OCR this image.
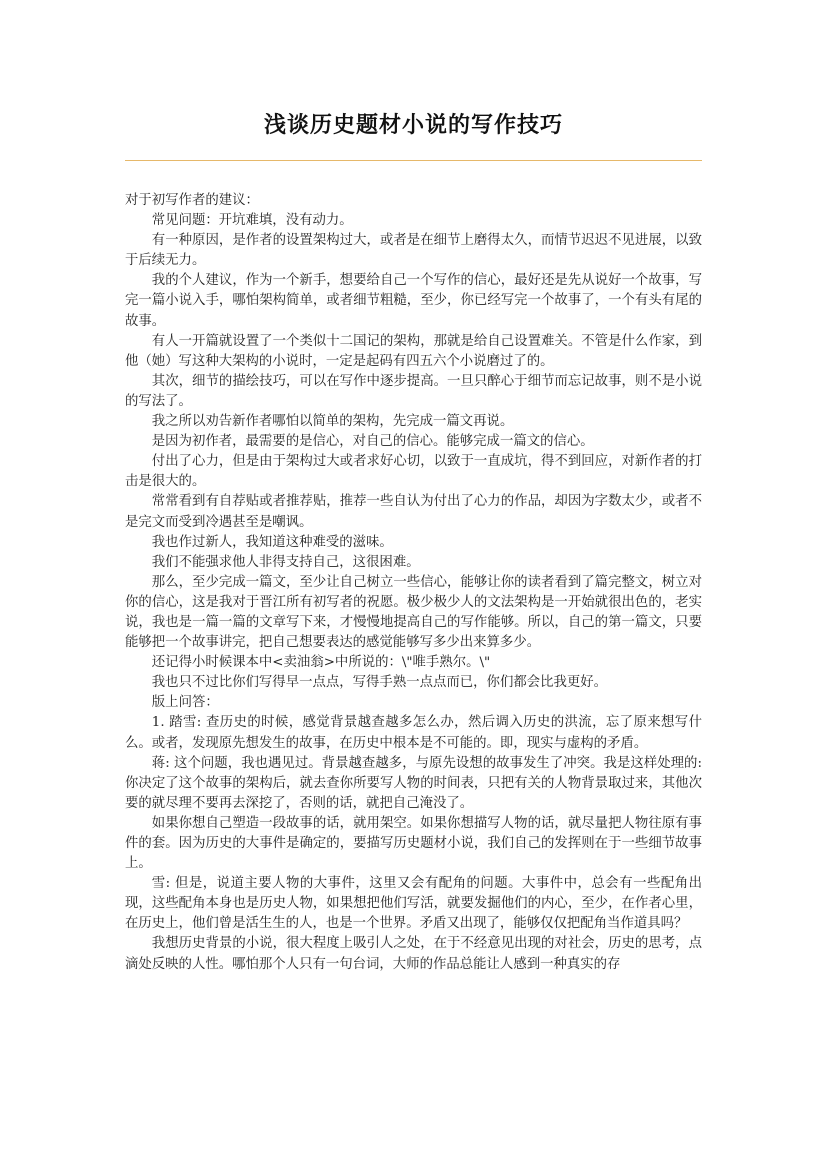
浅谈历史题材小说的写作技巧

对于初写作者的建议：

常见问题：开坑难填，没有动力。

有一种原因，是作者的设置架构过大，或者是在细节上磨得太久，而情节迟迟不见进展，以致于后续无力。

我的个人建议，作为一个新手，想要给自己一个写作的信心，最好还是先从说好一个故事，写完一篇小说入手，哪怕架构简单，或者细节粗糙，至少，你已经写完一个故事了，一个有头有尾的故事。

有人一开篇就设置了一个类似十二国记的架构，那就是给自己设置难关。不管是什么作家，到他（她）写这种大架构的小说时，一定是起码有四五六个小说磨过了的。

其次，细节的描绘技巧，可以在写作中逐步提高。一旦只醉心于细节而忘记故事，则不是小说的写法了。

我之所以劝告新作者哪怕以简单的架构，先完成一篇文再说。

是因为初作者，最需要的是信心，对自己的信心。能够完成一篇文的信心。

付出了心力，但是由于架构过大或者求好心切，以致于一直成坑，得不到回应，对新作者的打击是很大的。

常常看到有自荐贴或者推荐贴，推荐一些自认为付出了心力的作品，却因为字数太少，或者不是完文而受到冷遇甚至是嘲讽。

我也作过新人，我知道这种难受的滋味。

我们不能强求他人非得支持自己，这很困难。

那么，至少完成一篇文，至少让自己树立一些信心，能够让你的读者看到了篇完整文，树立对你的信心，这是我对于晋江所有初写者的祝愿。极少极少人的文法架构是一开始就很出色的，老实说，我也是一篇一篇的文章写下来，才慢慢地提高自己的写作能够。所以，自己的第一篇文，只要能够把一个故事讲完，把自己想要表达的感觉能够写多少出来算多少。

还记得小时候课本中<卖油翁>中所说的：\"唯手熟尔。\"

我也只不过比你们写得早一点点，写得手熟一点点而已，你们都会比我更好。

版上问答：

1. 踏雪: 查历史的时候，感觉背景越查越多怎么办，然后调入历史的洪流，忘了原来想写什么。或者，发现原先想发生的故事，在历史中根本是不可能的。即，现实与虚构的矛盾。

蒋: 这个问题，我也遇见过。背景越查越多，与原先设想的故事发生了冲突。我是这样处理的: 你决定了这个故事的架构后，就去查你所要写人物的时间表，只把有关的人物背景取过来，其他次要的就尽理不要再去深挖了，否则的话，就把自己淹没了。

如果你想自己塑造一段故事的话，就用架空。如果你想描写人物的话，就尽量把人物往原有事件的套。因为历史的大事件是确定的，要描写历史题材小说，我们自己的发挥则在于一些细节故事上。

雪: 但是，说道主要人物的大事件，这里又会有配角的问题。大事件中，总会有一些配角出现，这些配角本身也是历史人物，如果想把他们写活，就要发掘他们的内心，至少，在作者心里，在历史上，他们曾是活生生的人，也是一个世界。矛盾又出现了，能够仅仅把配角当作道具吗？

我想历史背景的小说，很大程度上吸引人之处，在于不经意见出现的对社会，历史的思考，点滴处反映的人性。哪怕那个人只有一句台词，大师的作品总能让人感到一种真实的存
